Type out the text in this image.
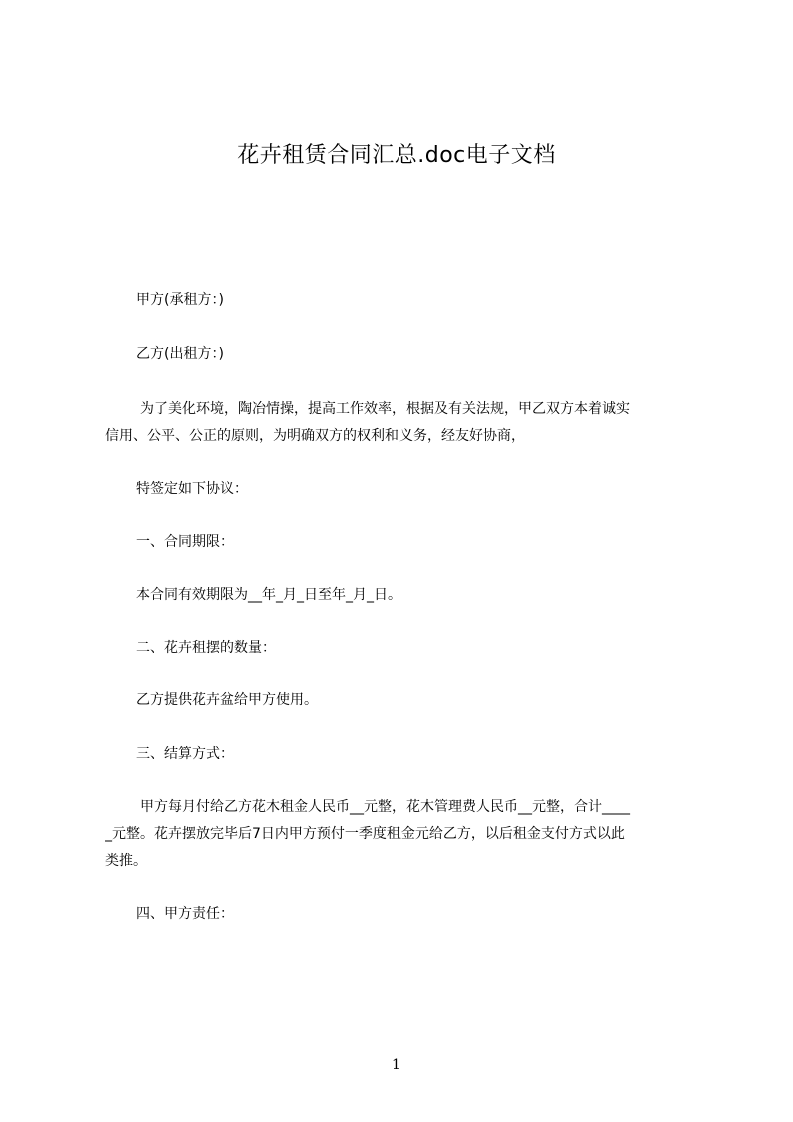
花卉租赁合同汇总.doc电子文档
甲方(承租方：)
乙方(出租方：)
为了美化环境，陶冶情操，提高工作效率，根据及有关法规，甲乙双方本着诚实
信用、公平、公正的原则，为明确双方的权利和义务，经友好协商，
特签定如下协议：
一、合同期限：
本合同有效期限为__年_月_日至年_月_日。
二、花卉租摆的数量：
乙方提供花卉盆给甲方使用。
三、结算方式：
甲方每月付给乙方花木租金人民币__元整，花木管理费人民币__元整，合计____
_元整。花卉摆放完毕后7日内甲方预付一季度租金元给乙方，以后租金支付方式以此
类推。
四、甲方责任：
1
